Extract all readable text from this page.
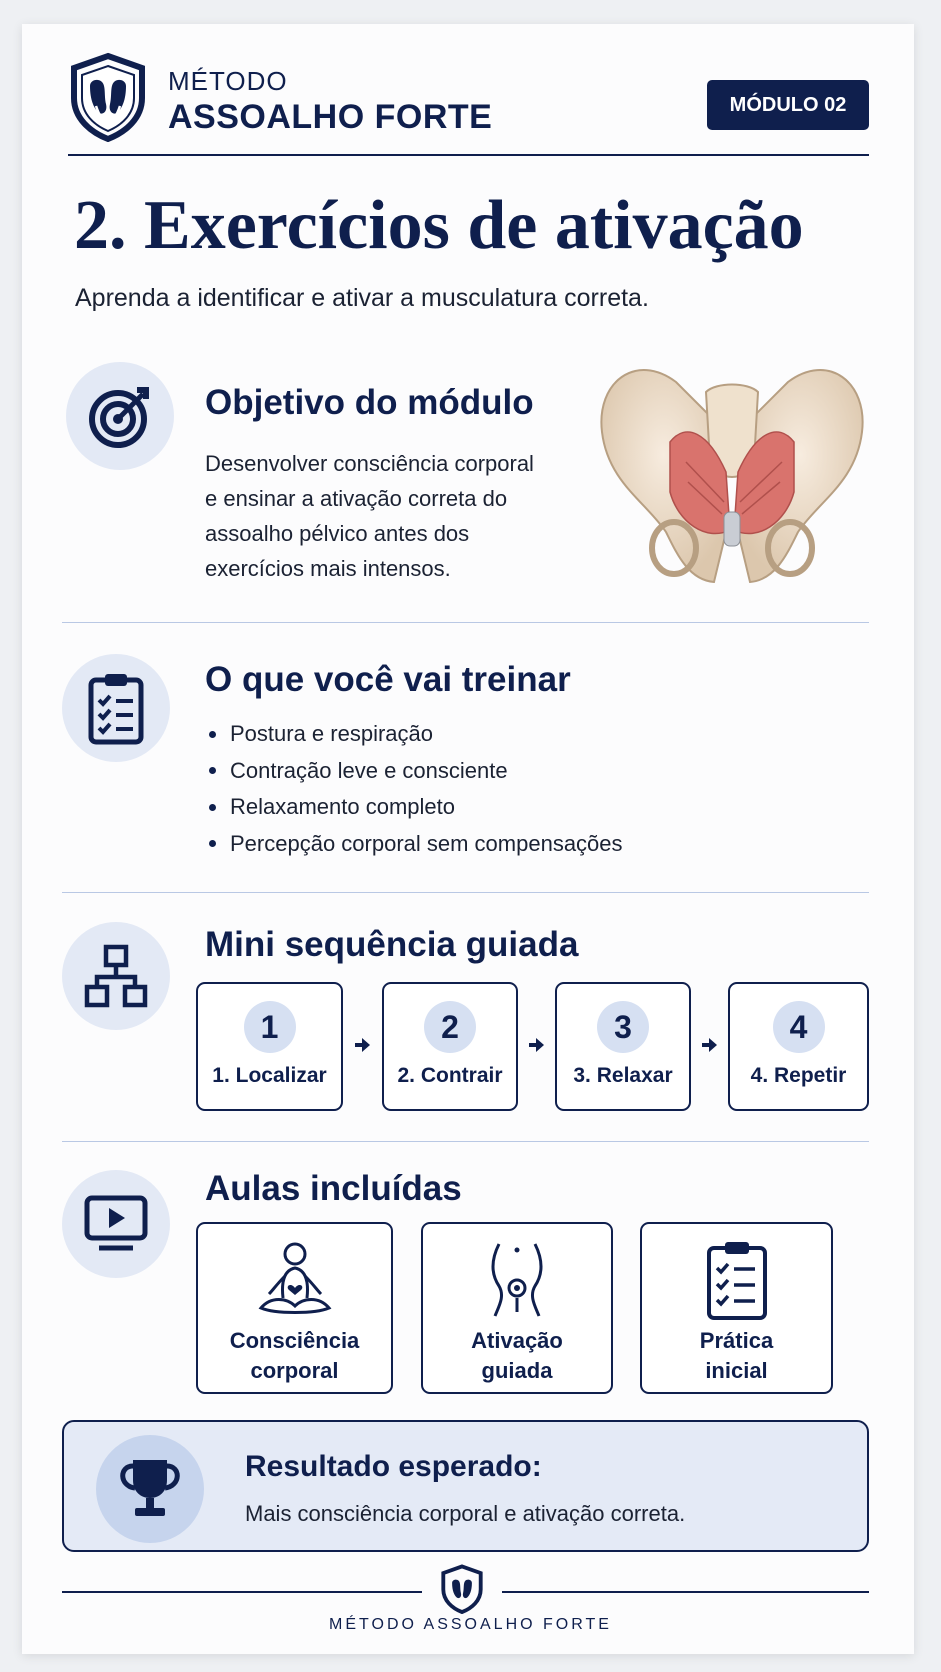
MÉTODO
ASSOALHO FORTE	MÓDULO 02
2. Exercícios de ativação
Aprenda a identificar e ativar a musculatura correta.
Objetivo do módulo
Desenvolver consciência corporal
e ensinar a ativação correta do
assoalho pélvico antes dos
exercícios mais intensos.
O que você vai treinar
Postura e respiração
Contração leve e consciente
Relaxamento completo
Percepção corporal sem compensações
Mini sequência guiada
1
1. Localizar
2
2. Contrair
3
3. Relaxar
4
4. Repetir
Aulas incluídas
Consciência
corporal
Ativação
guiada
Prática
inicial
Resultado esperado:
Mais consciência corporal e ativação correta.
MÉTODO ASSOALHO FORTE
